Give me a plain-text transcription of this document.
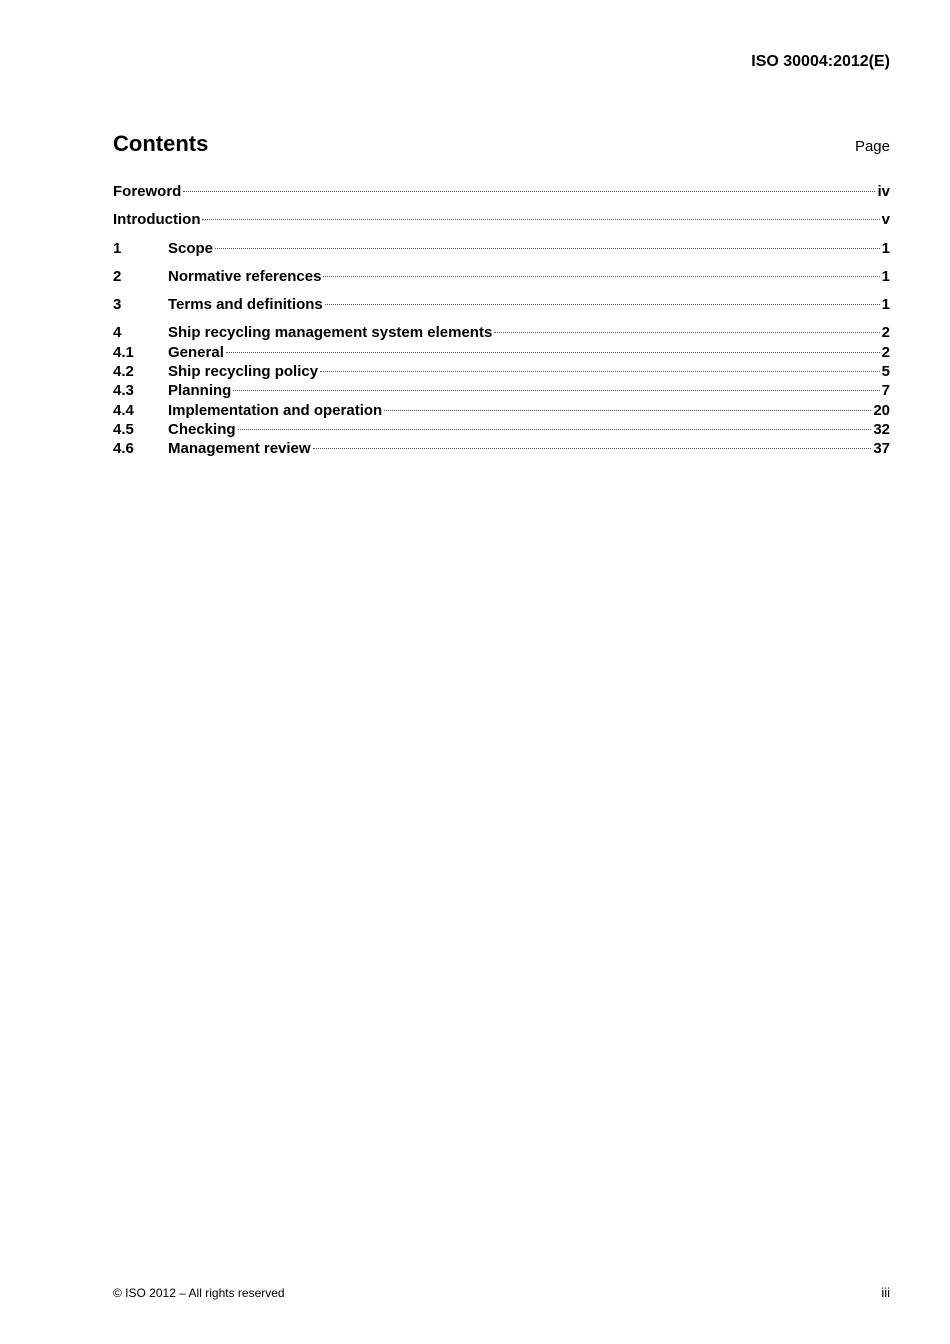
ISO 30004:2012(E)
Contents	Page
Foreword	iv
Introduction	v
1	Scope	1
2	Normative references	1
3	Terms and definitions	1
4	Ship recycling management system elements	2
4.1	General	2
4.2	Ship recycling policy	5
4.3	Planning	7
4.4	Implementation and operation	20
4.5	Checking	32
4.6	Management review	37
© ISO 2012 – All rights reserved	iii
